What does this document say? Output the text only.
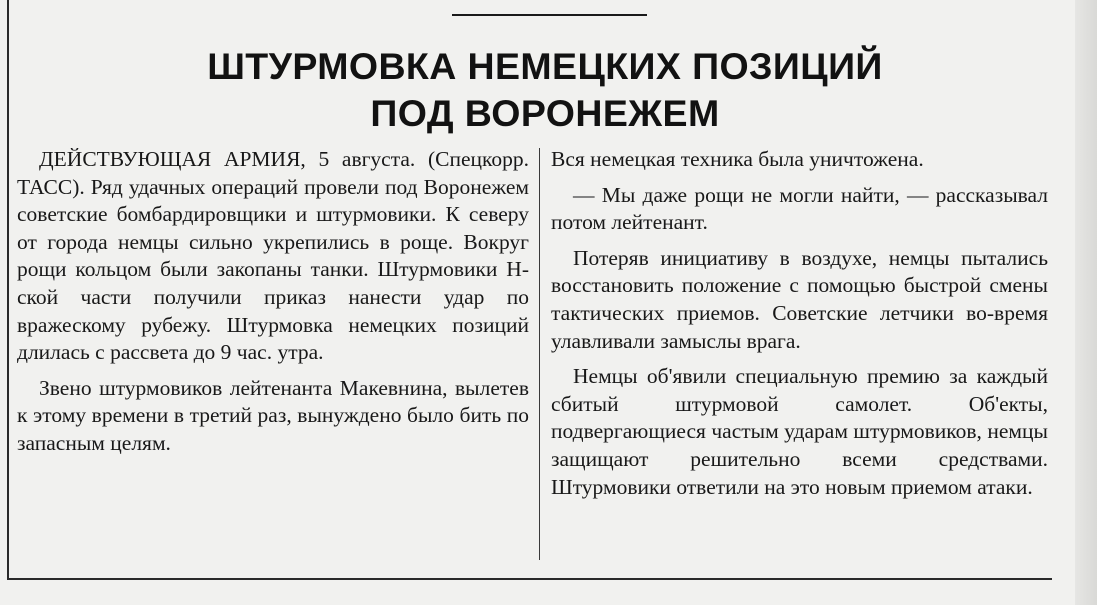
ШТУРМОВКА НЕМЕЦКИХ ПОЗИЦИЙ
ПОД ВОРОНЕЖЕМ

ДЕЙСТВУЮЩАЯ АРМИЯ, 5 августа. (Спецкорр. ТАСС). Ряд удачных операций провели под Воронежем советские бомбардировщики и штурмовики. К северу от города немцы сильно укрепились в роще. Вокруг рощи кольцом были закопаны танки. Штурмовики Н-ской части получили приказ нанести удар по вражескому рубежу. Штурмовка немецких позиций длилась с рассвета до 9 час. утра.

Звено штурмовиков лейтенанта Макевнина, вылетев к этому времени в третий раз, вынуждено было бить по запасным целям.

Вся немецкая техника была уничтожена.

— Мы даже рощи не могли найти, — рассказывал потом лейтенант.

Потеряв инициативу в воздухе, немцы пытались восстановить положение с помощью быстрой смены тактических приемов. Советские летчики во-время улавливали замыслы врага.

Немцы об'явили специальную премию за каждый сбитый штурмовой самолет. Об'екты, подвергающиеся частым ударам штурмовиков, немцы защищают решительно всеми средствами. Штурмовики ответили на это новым приемом атаки.
